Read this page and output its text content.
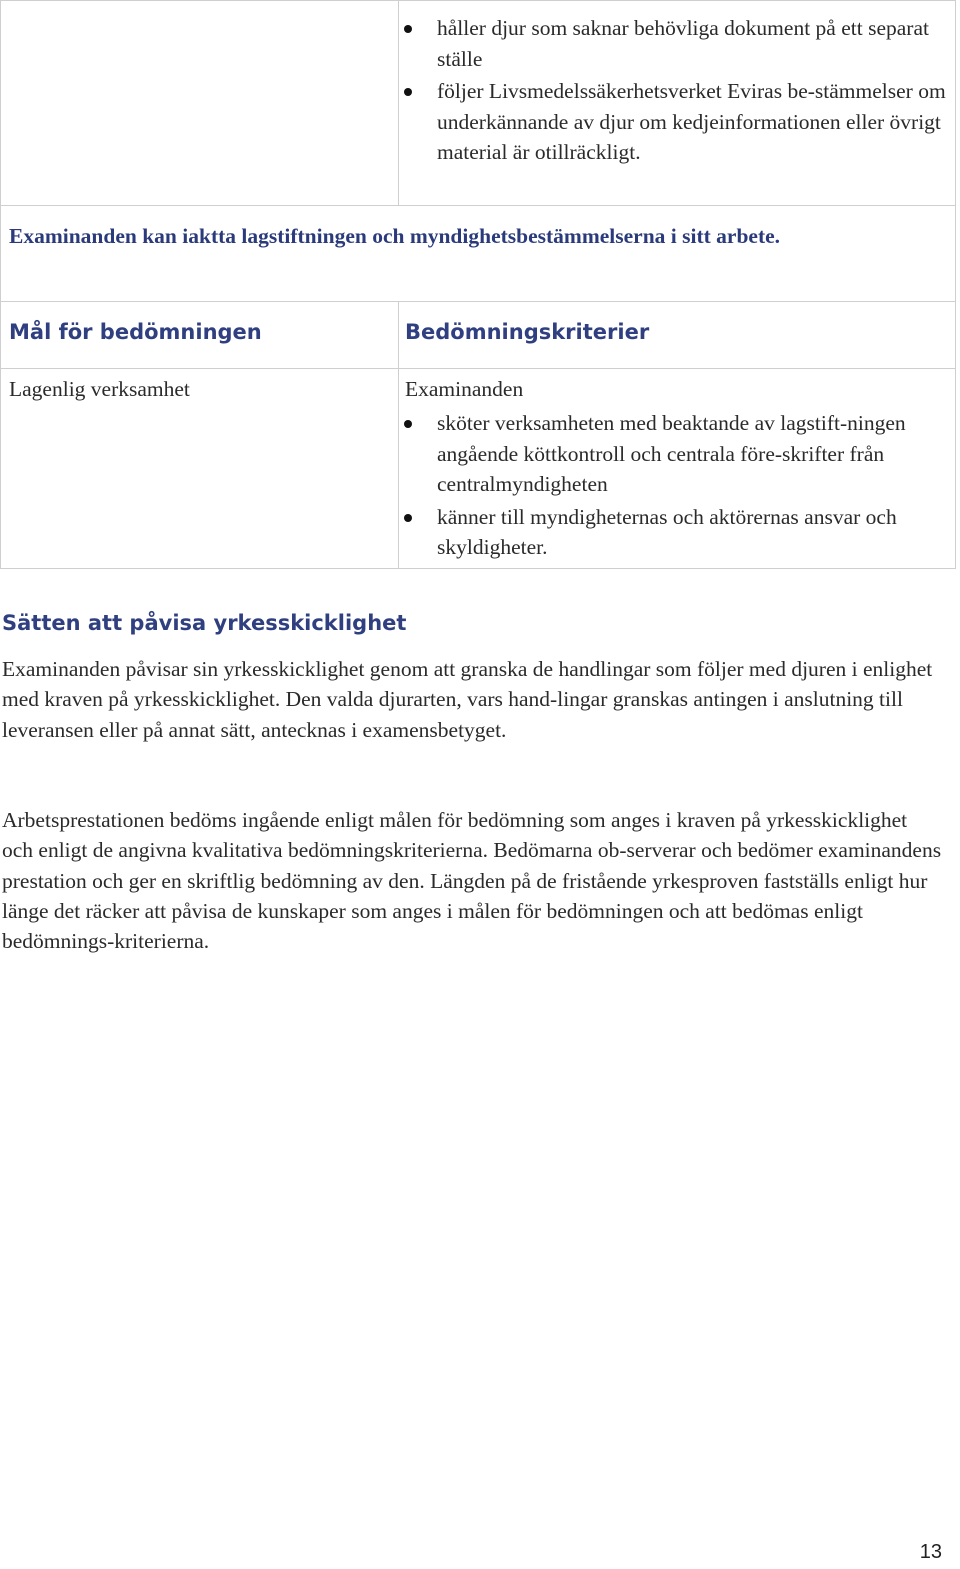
håller djur som saknar behövliga dokument på ett separat ställe
följer Livsmedelssäkerhetsverket Eviras be-stämmelser om underkännande av djur om kedjeinformationen eller övrigt material är otillräckligt.
Examinanden kan iaktta lagstiftningen och myndighetsbestämmelserna i sitt arbete.
Mål för bedömningen	Bedömningskriterier
Lagenlig verksamhet	Examinanden
sköter verksamheten med beaktande av lagstift-ningen angående köttkontroll och centrala före-skrifter från centralmyndigheten
känner till myndigheternas och aktörernas ansvar och skyldigheter.
Sätten att påvisa yrkesskicklighet
Examinanden påvisar sin yrkesskicklighet genom att granska de handlingar som följer med djuren i enlighet med kraven på yrkesskicklighet. Den valda djurarten, vars hand-lingar granskas antingen i anslutning till leveransen eller på annat sätt, antecknas i examensbetyget.
Arbetsprestationen bedöms ingående enligt målen för bedömning som anges i kraven på yrkesskicklighet och enligt de angivna kvalitativa bedömningskriterierna. Bedömarna ob-serverar och bedömer examinandens prestation och ger en skriftlig bedömning av den. Längden på de fristående yrkesproven fastställs enligt hur länge det räcker att påvisa de kunskaper som anges i målen för bedömningen och att bedömas enligt bedömnings-kriterierna.
13
